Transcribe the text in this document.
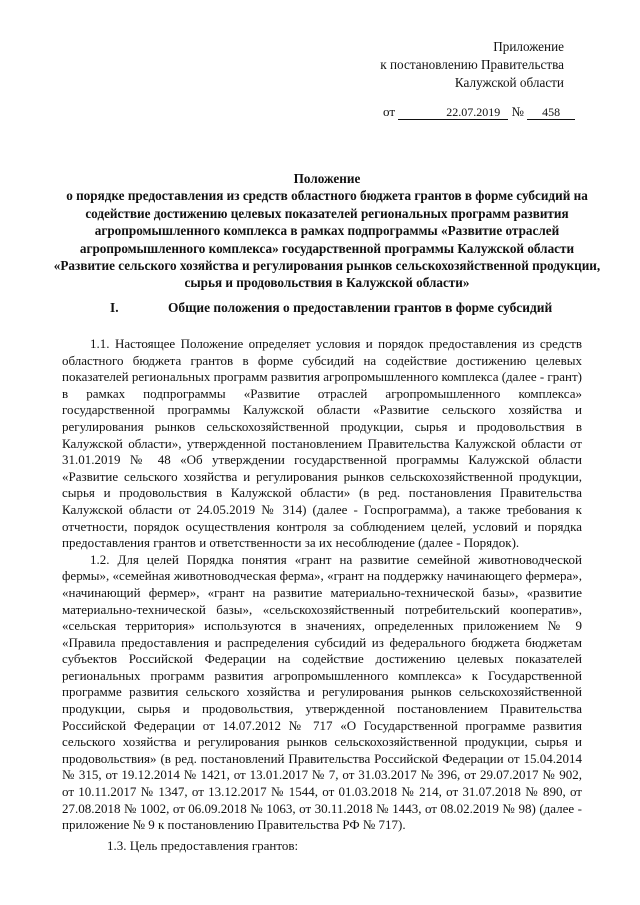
Приложение
к постановлению Правительства
Калужской области
от	22.07.2019 № 458
Положение
о порядке предоставления из средств областного бюджета грантов в форме субсидий на содействие достижению целевых показателей региональных программ развития агропромышленного комплекса в рамках подпрограммы «Развитие отраслей агропромышленного комплекса» государственной программы Калужской области «Развитие сельского хозяйства и регулирования рынков сельскохозяйственной продукции, сырья и продовольствия в Калужской области»
I.	Общие положения о предоставлении грантов в форме субсидий

1.1. Настоящее Положение определяет условия и порядок предоставления из средств областного бюджета грантов в форме субсидий на содействие достижению целевых показателей региональных программ развития агропромышленного комплекса (далее - грант) в рамках подпрограммы «Развитие отраслей агропромышленного комплекса» государственной программы Калужской области «Развитие сельского хозяйства и регулирования рынков сельскохозяйственной продукции, сырья и продовольствия в Калужской области», утвержденной постановлением Правительства Калужской области от 31.01.2019 № 48 «Об утверждении государственной программы Калужской области «Развитие сельского хозяйства и регулирования рынков сельскохозяйственной продукции, сырья и продовольствия в Калужской области» (в ред. постановления Правительства Калужской области от 24.05.2019 № 314) (далее - Госпрограмма), а также требования к отчетности, порядок осуществления контроля за соблюдением целей, условий и порядка предоставления грантов и ответственности за их несоблюдение (далее - Порядок).

1.2. Для целей Порядка понятия «грант на развитие семейной животноводческой фермы», «семейная животноводческая ферма», «грант на поддержку начинающего фермера», «начинающий фермер», «грант на развитие материально-технической базы», «развитие материально-технической базы», «сельскохозяйственный потребительский кооператив», «сельская территория» используются в значениях, определенных приложением № 9 «Правила предоставления и распределения субсидий из федерального бюджета бюджетам субъектов Российской Федерации на содействие достижению целевых показателей региональных программ развития агропромышленного комплекса» к Государственной программе развития сельского хозяйства и регулирования рынков сельскохозяйственной продукции, сырья и продовольствия, утвержденной постановлением Правительства Российской Федерации от 14.07.2012 № 717 «О Государственной программе развития сельского хозяйства и регулирования рынков сельскохозяйственной продукции, сырья и продовольствия» (в ред. постановлений Правительства Российской Федерации от 15.04.2014 № 315, от 19.12.2014 № 1421, от 13.01.2017 № 7, от 31.03.2017 № 396, от 29.07.2017 № 902, от 10.11.2017 № 1347, от 13.12.2017 № 1544, от 01.03.2018 № 214, от 31.07.2018 № 890, от 27.08.2018 № 1002, от 06.09.2018 № 1063, от 30.11.2018 № 1443, от 08.02.2019 № 98) (далее - приложение № 9 к постановлению Правительства РФ № 717).

1.3. Цель предоставления грантов:
